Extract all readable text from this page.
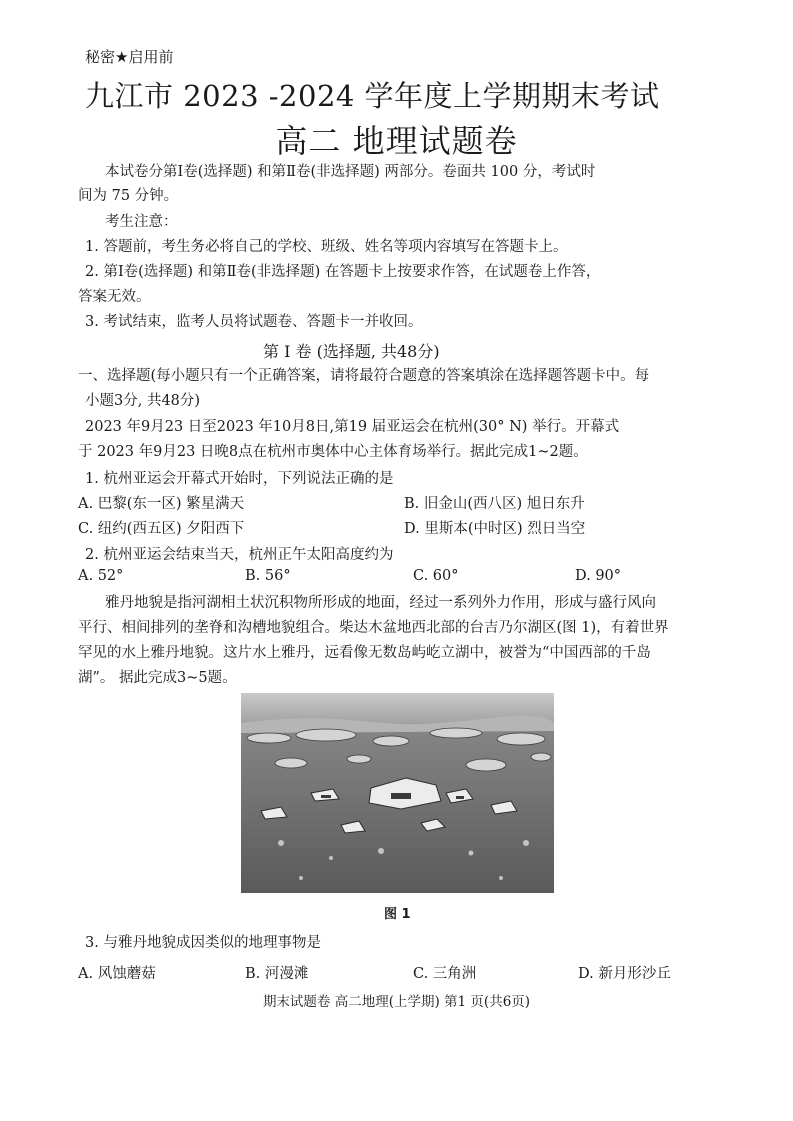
秘密★启用前
九江市 2023 -2024 学年度上学期期末考试
高二 地理试题卷
本试卷分第Ⅰ卷(选择题) 和第Ⅱ卷(非选择题) 两部分。卷面共 100 分，考试时
间为 75 分钟。
考生注意：
1. 答题前，考生务必将自己的学校、班级、姓名等项内容填写在答题卡上。
2. 第Ⅰ卷(选择题) 和第Ⅱ卷(非选择题) 在答题卡上按要求作答，在试题卷上作答，
答案无效。
3. 考试结束，监考人员将试题卷、答题卡一并收回。
第 Ⅰ 卷 (选择题, 共48分)
一、选择题(每小题只有一个正确答案，请将最符合题意的答案填涂在选择题答题卡中。每
小题3分, 共48分)
2023 年9月23 日至2023 年10月8日,第19 届亚运会在杭州(30° N) 举行。开幕式
于 2023 年9月23 日晚8点在杭州市奥体中心主体育场举行。据此完成1~2题。
1. 杭州亚运会开幕式开始时，下列说法正确的是
A. 巴黎(东一区) 繁星满天	B. 旧金山(西八区) 旭日东升
C. 纽约(西五区) 夕阳西下	D. 里斯本(中时区) 烈日当空
2. 杭州亚运会结束当天，杭州正午太阳高度约为
A. 52°	B. 56°	C. 60°	D. 90°
雅丹地貌是指河湖相土状沉积物所形成的地面，经过一系列外力作用，形成与盛行风向
平行、相间排列的垄脊和沟槽地貌组合。柴达木盆地西北部的台吉乃尔湖区(图 1)，有着世界
罕见的水上雅丹地貌。这片水上雅丹，远看像无数岛屿屹立湖中，被誉为“中国西部的千岛
湖”。 据此完成3~5题。
图 1
3. 与雅丹地貌成因类似的地理事物是
A. 风蚀蘑菇	B. 河漫滩	C. 三角洲	D. 新月形沙丘
期末试题卷 高二地理(上学期) 第1 页(共6页)
